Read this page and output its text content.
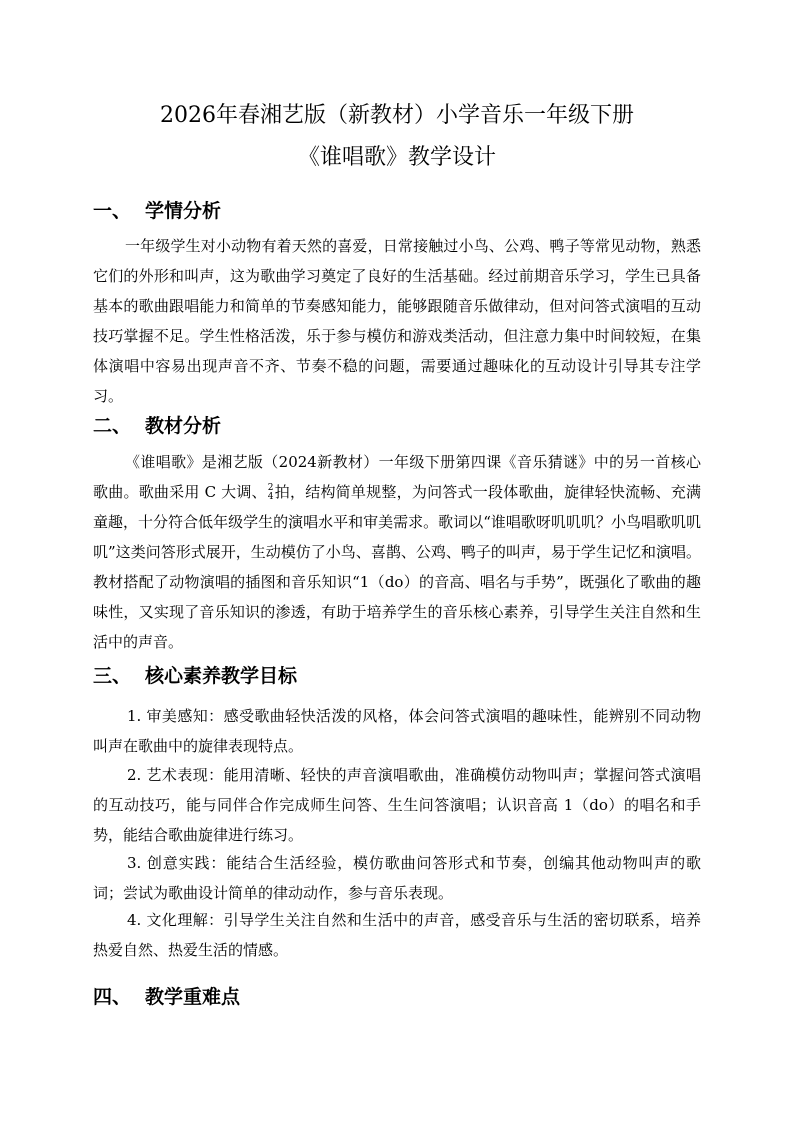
2026年春湘艺版（新教材）小学音乐一年级下册
《谁唱歌》教学设计
一、 学情分析

一年级学生对小动物有着天然的喜爱，日常接触过小鸟、公鸡、鸭子等常见动物，熟悉它们的外形和叫声，这为歌曲学习奠定了良好的生活基础。经过前期音乐学习，学生已具备基本的歌曲跟唱能力和简单的节奏感知能力，能够跟随音乐做律动，但对问答式演唱的互动技巧掌握不足。学生性格活泼，乐于参与模仿和游戏类活动，但注意力集中时间较短，在集体演唱中容易出现声音不齐、节奏不稳的问题，需要通过趣味化的互动设计引导其专注学习。

二、 教材分析

《谁唱歌》是湘艺版（2024新教材）一年级下册第四课《音乐猜谜》中的另一首核心歌曲。歌曲采用 C 大调、 2
4 拍，结构简单规整，为问答式一段体歌曲，旋律轻快流畅、充满童趣，十分符合低年级学生的演唱水平和审美需求。歌词以“谁唱歌呀叽叽叽？小鸟唱歌叽叽叽”这类问答形式展开，生动模仿了小鸟、喜鹊、公鸡、鸭子的叫声，易于学生记忆和演唱。教材搭配了动物演唱的插图和音乐知识“1（do）的音高、唱名与手势”，既强化了歌曲的趣味性，又实现了音乐知识的渗透，有助于培养学生的音乐核心素养，引导学生关注自然和生活中的声音。

三、 核心素养教学目标

1. 审美感知：感受歌曲轻快活泼的风格，体会问答式演唱的趣味性，能辨别不同动物叫声在歌曲中的旋律表现特点。

2. 艺术表现：能用清晰、轻快的声音演唱歌曲，准确模仿动物叫声；掌握问答式演唱的互动技巧，能与同伴合作完成师生问答、生生问答演唱；认识音高 1（do）的唱名和手势，能结合歌曲旋律进行练习。

3. 创意实践：能结合生活经验，模仿歌曲问答形式和节奏，创编其他动物叫声的歌词；尝试为歌曲设计简单的律动动作，参与音乐表现。

4. 文化理解：引导学生关注自然和生活中的声音，感受音乐与生活的密切联系，培养热爱自然、热爱生活的情感。

四、 教学重难点
